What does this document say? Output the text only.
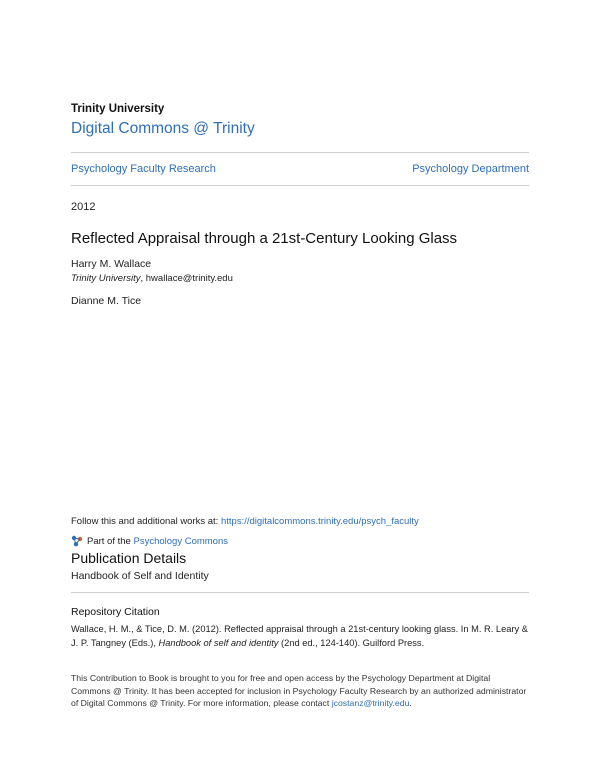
Trinity University
Digital Commons @ Trinity
Psychology Faculty Research	Psychology Department
2012
Reflected Appraisal through a 21st-Century Looking Glass
Harry M. Wallace
Trinity University, hwallace@trinity.edu
Dianne M. Tice
Follow this and additional works at: https://digitalcommons.trinity.edu/psych_faculty
Part of the
Psychology Commons
Publication Details
Handbook of Self and Identity
Repository Citation
Wallace, H. M., & Tice, D. M. (2012). Reflected appraisal through a 21st-century looking glass. In M. R. Leary & J. P. Tangney (Eds.), Handbook of self and identity (2nd ed., 124-140). Guilford Press.
This Contribution to Book is brought to you for free and open access by the Psychology Department at Digital Commons @ Trinity. It has been accepted for inclusion in Psychology Faculty Research by an authorized administrator of Digital Commons @ Trinity. For more information, please contact jcostanz@trinity.edu.
